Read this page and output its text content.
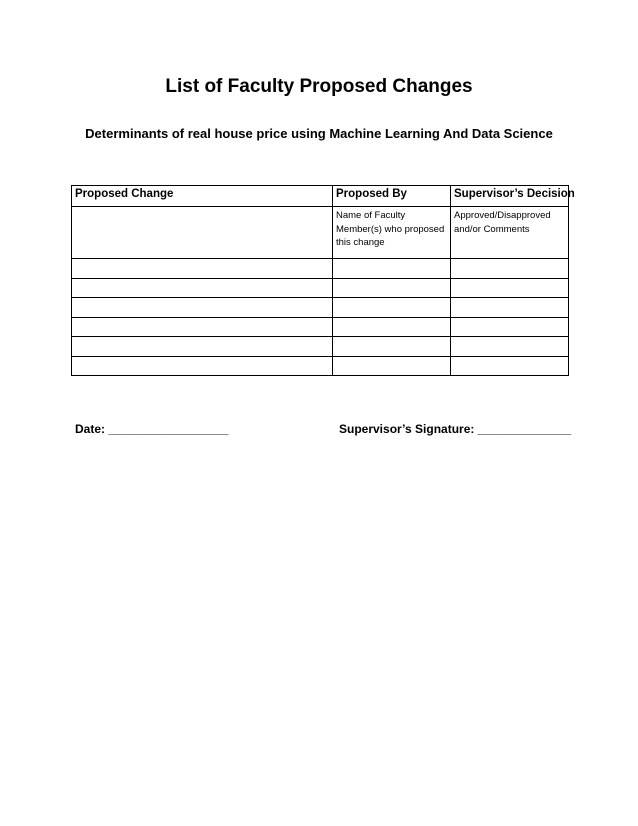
List of Faculty Proposed Changes
Determinants of real house price using Machine Learning And Data Science
Proposed Change	Proposed By	Supervisor’s Decision
	Name of Faculty Member(s) who proposed this change	Approved/Disapproved and/or Comments

Date: __________________	Supervisor’s Signature: ______________
